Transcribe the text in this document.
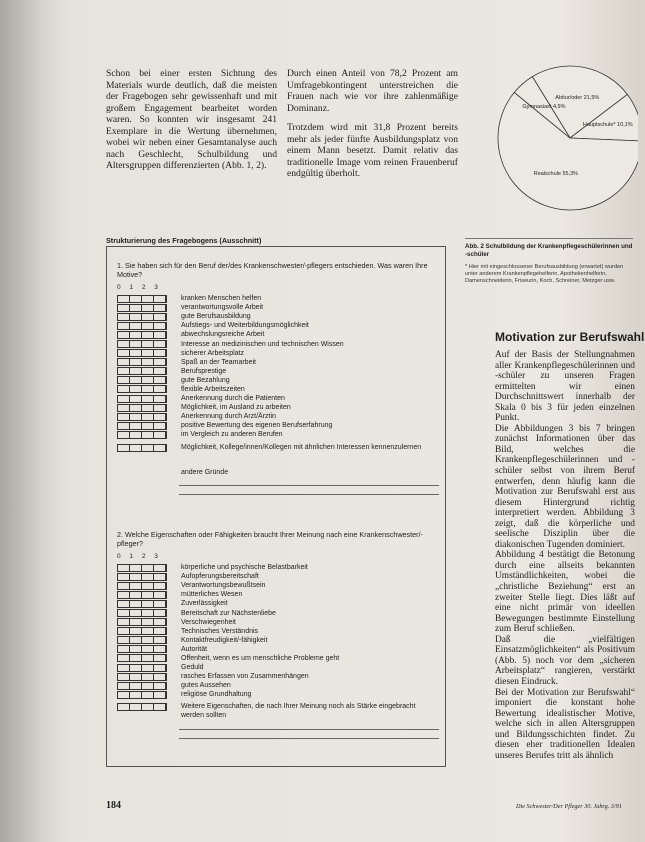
Schon bei einer ersten Sichtung des Materials wurde deutlich, daß die meisten der Fragebogen sehr gewissenhaft und mit großem Engagement bearbeitet worden waren. So konnten wir insgesamt 241 Exemplare in die Wertung übernehmen, wobei wir neben einer Gesamtanalyse auch nach Geschlecht, Schulbildung und Altersgruppen differenzierten (Abb. 1, 2).

Durch einen Anteil von 78,2 Prozent am Umfragebkontingent unterstreichen die Frauen nach wie vor ihre zahlenmäßige Dominanz.

Trotzdem wird mit 31,8 Prozent bereits mehr als jeder fünfte Ausbildungsplatz von einem Mann besetzt. Damit relativ das traditionelle Image vom reinen Frauenberuf endgültig überholt.

Abitur/oder 21,5%
Hauptschule* 10,1%
Realschule 55,3%
Gymnasiast 4,9%
Abb. 2 Schulbildung der Krankenpflegeschülerinnen und -schüler
* Hier mit eingeschlossener Berufsausbildung (erwartet) wurden unter anderem Krankenpflegehelferin, Apothekenhelferin, Damenschneiderin, Friseurin, Koch, Schreiner, Metzger usw.
Strukturierung des Fragebogens (Ausschnitt)
1. Sie haben sich für den Beruf der/des Krankenschwester/-pflegers entschieden. Was waren Ihre Motive?
0 1 2 3
kranken Menschen helfen
verantwortungsvolle Arbeit
gute Berufsausbildung
Aufstiegs- und Weiterbildungsmöglichkeit
abwechslungsreiche Arbeit
Interesse an medizinischen und technischen Wissen
sicherer Arbeitsplatz
Spaß an der Teamarbeit
Berufsprestige
gute Bezahlung
flexible Arbeitszeiten
Anerkennung durch die Patienten
Möglichkeit, im Ausland zu arbeiten
Anerkennung durch Arzt/Ärztin
positive Bewertung des eigenen Berufserfahrung
im Vergleich zu anderen Berufen
Möglichkeit, Kollege/innen/Kollegen mit ähnlichen Interessen kennenzulernen
andere Gründe
2. Welche Eigenschaften oder Fähigkeiten braucht Ihrer Meinung nach eine Krankenschwester/-pfleger?
0 1 2 3
körperliche und psychische Belastbarkeit
Aufopferungsbereitschaft
Verantwortungsbewußtsein
mütterliches Wesen
Zuverlässigkeit
Bereitschaft zur Nächstenliebe
Verschwiegenheit
Technisches Verständnis
Kontaktfreudigkeit/-fähigkeit
Autorität
Offenheit, wenn es um menschliche Probleme geht
Geduld
rasches Erfassen von Zusammenhängen
gutes Aussehen
religiöse Grundhaltung
Weitere Eigenschaften, die nach Ihrer Meinung noch als Stärke eingebracht werden sollten
Motivation zur Berufswahl

Auf der Basis der Stellungnahmen aller Krankenpflegeschülerinnen und -schüler zu unseren Fragen ermittelten wir einen Durchschnittswert innerhalb der Skala 0 bis 3 für jeden einzelnen Punkt.

Die Abbildungen 3 bis 7 bringen zunächst Informationen über das Bild, welches die Krankenpflegeschülerinnen und -schüler selbst von ihrem Beruf entwerfen, denn häufig kann die Motivation zur Berufswahl erst aus diesem Hintergrund richtig interpretiert werden. Abbildung 3 zeigt, daß die körperliche und seelische Disziplin über die diakonischen Tugenden dominiert.

Abbildung 4 bestätigt die Betonung durch eine allseits bekannten Umständlichkeiten, wobei die „christliche Beziehung“ erst an zweiter Stelle liegt. Dies läßt auf eine nicht primär von ideellen Bewegungen bestimmte Einstellung zum Beruf schließen.

Daß die „vielfältigen Einsatzmöglichkeiten“ als Positivum (Abb. 5) noch vor dem „sicheren Arbeitsplatz“ rangieren, verstärkt diesen Eindruck.

Bei der Motivation zur Berufswahl“ imponiert die konstant hohe Bewertung idealistischer Motive, welche sich in allen Altersgruppen und Bildungsschichten findet. Zu diesen eher traditionellen Idealen unseres Berufes tritt als ähnlich

184	Die Schwester/Der Pfleger 30. Jahrg. 3/91
